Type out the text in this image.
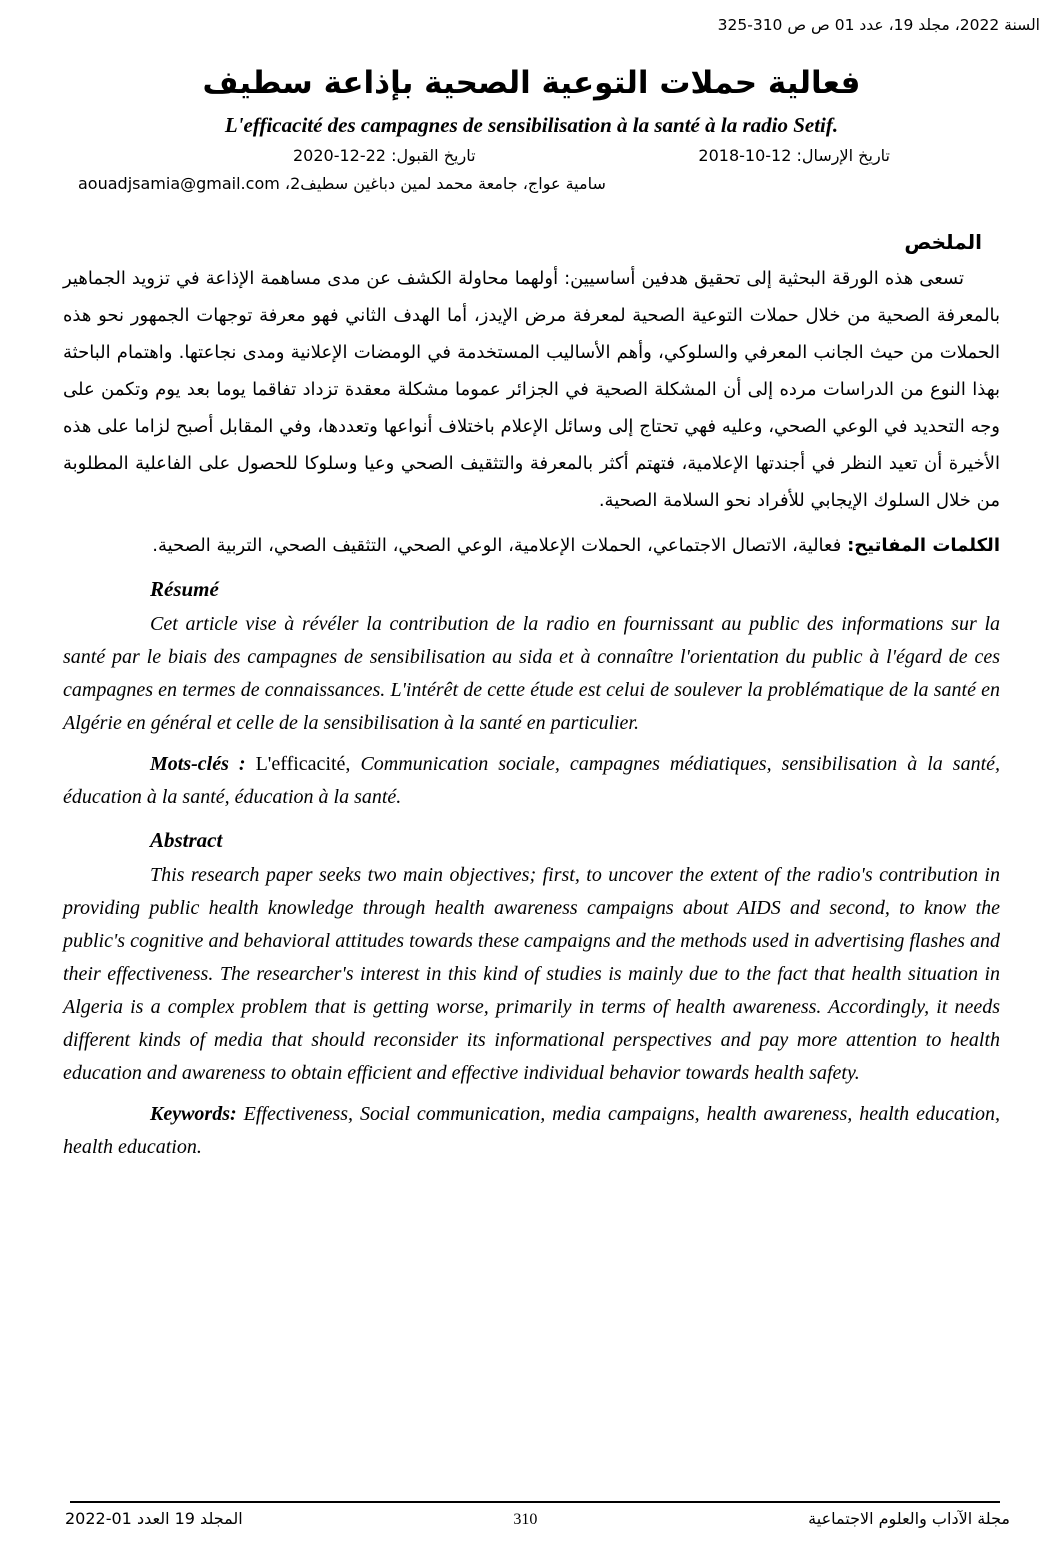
السنة 2022، مجلد 19، عدد 01 ص ص 325-310
فعالية حملات التوعية الصحية بإذاعة سطيف
L'efficacité des campagnes de sensibilisation à la santé à la radio Setif.
تاريخ الإرسال: 2018-10-12
تاريخ القبول: 2020-12-22
سامية عواج، جامعة محمد لمين دباغين سطيف2، aouadjsamia@gmail.com
الملخص

تسعى هذه الورقة البحثية إلى تحقيق هدفين أساسيين: أولهما محاولة الكشف عن مدى مساهمة الإذاعة في تزويد الجماهير بالمعرفة الصحية من خلال حملات التوعية الصحية لمعرفة مرض الإيدز، أما الهدف الثاني فهو معرفة توجهات الجمهور نحو هذه الحملات من حيث الجانب المعرفي والسلوكي، وأهم الأساليب المستخدمة في الومضات الإعلانية ومدى نجاعتها. واهتمام الباحثة بهذا النوع من الدراسات مرده إلى أن المشكلة الصحية في الجزائر عموما مشكلة معقدة تزداد تفاقما يوما بعد يوم وتكمن على وجه التحديد في الوعي الصحي، وعليه فهي تحتاج إلى وسائل الإعلام باختلاف أنواعها وتعددها، وفي المقابل أصبح لزاما على هذه الأخيرة أن تعيد النظر في أجندتها الإعلامية، فتهتم أكثر بالمعرفة والتثقيف الصحي وعيا وسلوكا للحصول على الفاعلية المطلوبة من خلال السلوك الإيجابي للأفراد نحو السلامة الصحية.

الكلمات المفاتيح: فعالية، الاتصال الاجتماعي، الحملات الإعلامية، الوعي الصحي، التثقيف الصحي، التربية الصحية.

Résumé

Cet article vise à révéler la contribution de la radio en fournissant au public des informations sur la santé par le biais des campagnes de sensibilisation au sida et à connaître l'orientation du public à l'égard de ces campagnes en termes de connaissances. L'intérêt de cette étude est celui de soulever la problématique de la santé en Algérie en général et celle de la sensibilisation à la santé en particulier.

Mots-clés : L'efficacité, Communication sociale, campagnes médiatiques, sensibilisation à la santé, éducation à la santé, éducation à la santé.

Abstract

This research paper seeks two main objectives; first, to uncover the extent of the radio's contribution in providing public health knowledge through health awareness campaigns about AIDS and second, to know the public's cognitive and behavioral attitudes towards these campaigns and the methods used in advertising flashes and their effectiveness. The researcher's interest in this kind of studies is mainly due to the fact that health situation in Algeria is a complex problem that is getting worse, primarily in terms of health awareness. Accordingly, it needs different kinds of media that should reconsider its informational perspectives and pay more attention to health education and awareness to obtain efficient and effective individual behavior towards health safety.

Keywords: Effectiveness, Social communication, media campaigns, health awareness, health education, health education.

المجلد 19 العدد 2022-01	310	مجلة الآداب والعلوم الاجتماعية
